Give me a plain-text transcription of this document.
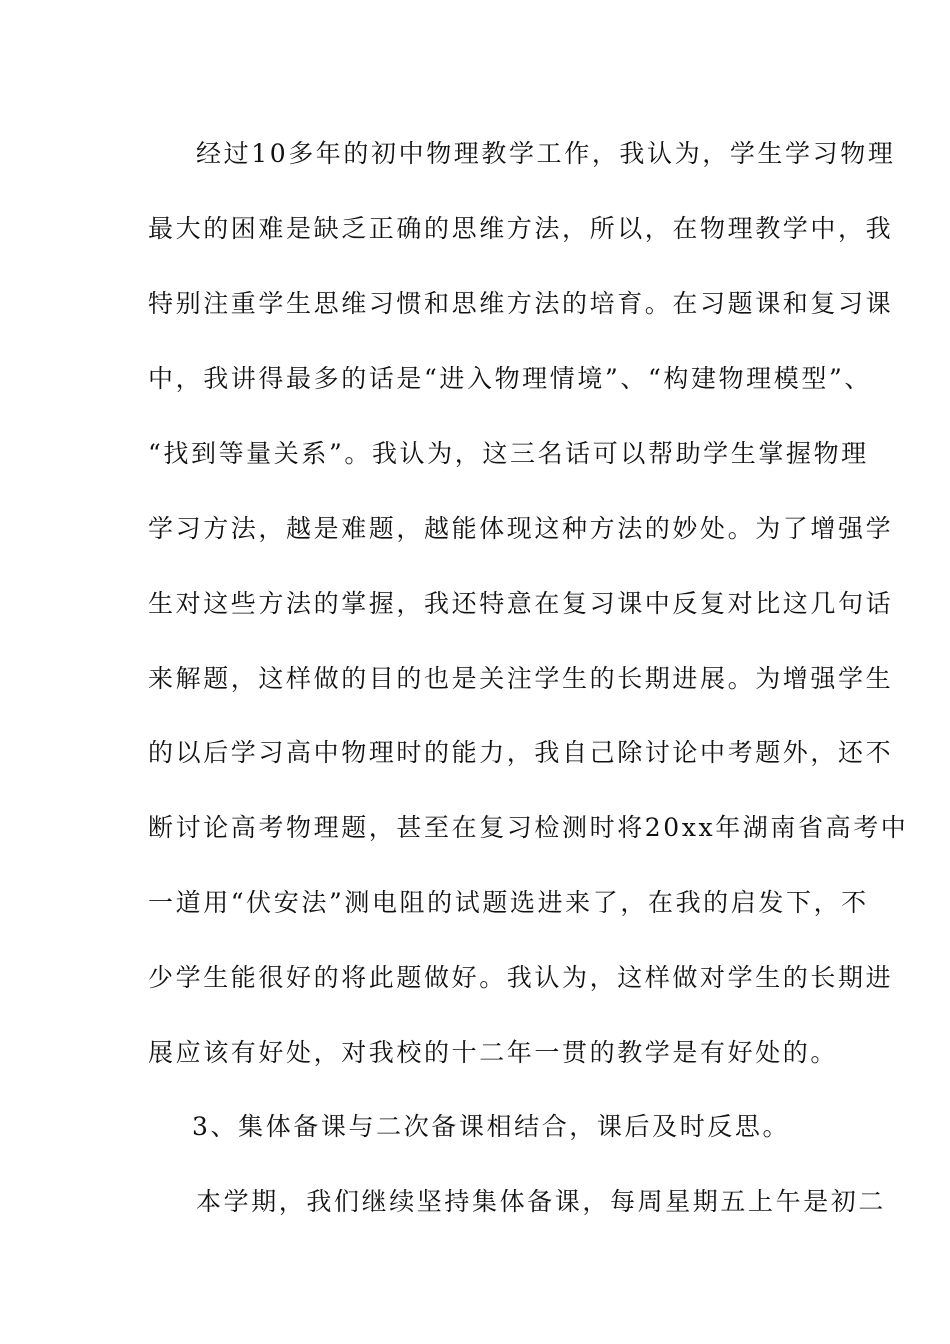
经过10多年的初中物理教学工作，我认为，学生学习物理
最大的困难是缺乏正确的思维方法，所以，在物理教学中，我
特别注重学生思维习惯和思维方法的培育。在习题课和复习课
中，我讲得最多的话是“进入物理情境”、“构建物理模型”、
“找到等量关系”。我认为，这三名话可以帮助学生掌握物理
学习方法，越是难题，越能体现这种方法的妙处。为了增强学
生对这些方法的掌握，我还特意在复习课中反复对比这几句话
来解题，这样做的目的也是关注学生的长期进展。为增强学生
的以后学习高中物理时的能力，我自己除讨论中考题外，还不
断讨论高考物理题，甚至在复习检测时将20xx年湖南省高考中
一道用“伏安法”测电阻的试题选进来了，在我的启发下，不
少学生能很好的将此题做好。我认为，这样做对学生的长期进
展应该有好处，对我校的十二年一贯的教学是有好处的。
3、集体备课与二次备课相结合，课后及时反思。
本学期，我们继续坚持集体备课，每周星期五上午是初二
